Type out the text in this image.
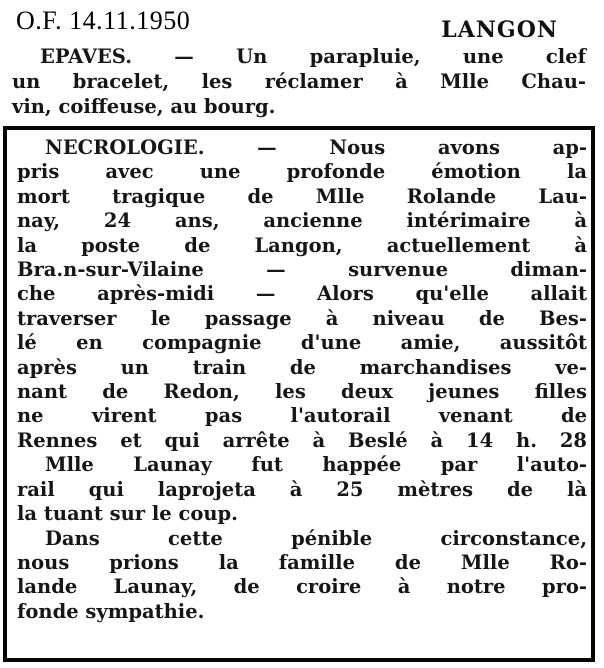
O.F. 14.11.1950	LANGON
EPAVES. — Un parapluie, une clef
un bracelet, les réclamer à Mlle Chau-
vin, coiffeuse, au bourg.
NECROLOGIE. — Nous avons ap-
pris avec une profonde émotion la
mort tragique de Mlle Rolande Lau-
nay, 24 ans, ancienne intérimaire à
la poste de Langon, actuellement à
Bra.n-sur-Vilaine — survenue diman-
che après-midi — Alors qu'elle allait
traverser le passage à niveau de Bes-
lé en compagnie d'une amie, aussitôt
après un train de marchandises ve-
nant de Redon, les deux jeunes filles
ne virent pas l'autorail venant de
Rennes et qui arrête à Beslé à 14 h. 28
Mlle Launay fut happée par l'auto-
rail qui laprojeta à 25 mètres de là
la tuant sur le coup.
Dans cette pénible circonstance,
nous prions la famille de Mlle Ro-
lande Launay, de croire à notre pro-
fonde sympathie.
